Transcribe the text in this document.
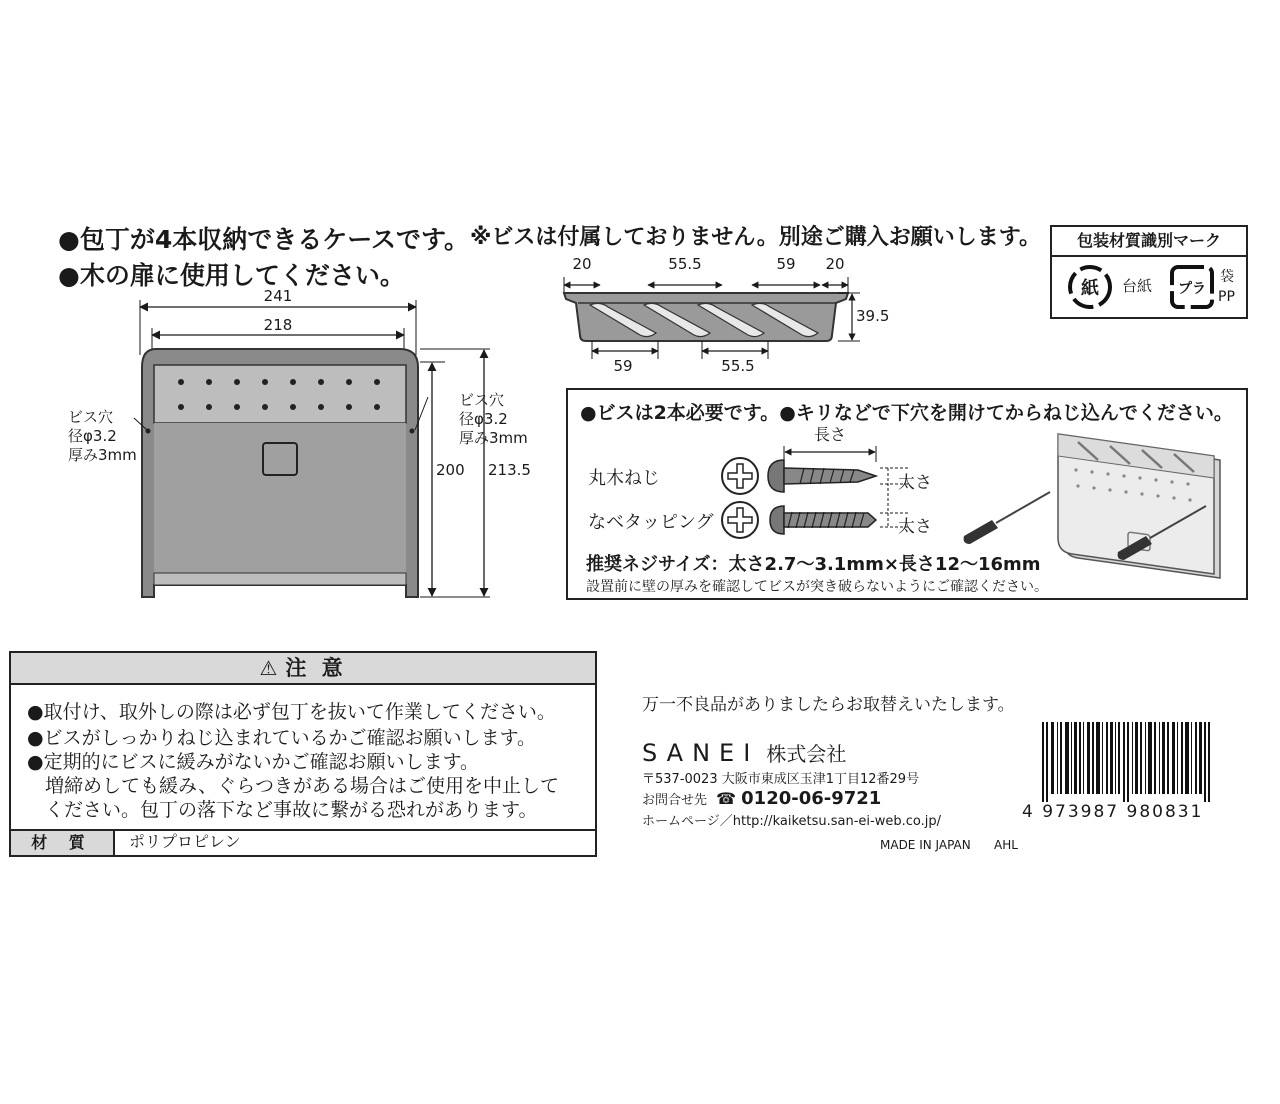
●包丁が4本収納できるケースです。 ※ビスは付属しておりません。別途ご購入お願いします。
●木の扉に使用してください。
241
218
200 213.5
ビス穴
径φ3.2
厚み3mm
ビス穴
径φ3.2
厚み3mm
20	55.5	59 20
39.5
59	55.5
包装材質識別マーク
紙 台紙 プラ
袋
PP
●ビスは2本必要です。●キリなどで下穴を開けてからねじ込んでください。
丸木ねじ
なベタッピング
長さ
太さ
太さ
推奨ネジサイズ：太さ2.7〜3.1mm×長さ12〜16mm
設置前に壁の厚みを確認してビスが突き破らないようにご確認ください。
⚠ 注 意
●取付け、取外しの際は必ず包丁を抜いて作業してください。
●ビスがしっかりねじ込まれているかご確認お願いします。
●定期的にビスに緩みがないかご確認お願いします。
増締めしても緩み、ぐらつきがある場合はご使用を中止して
ください。包丁の落下など事故に繋がる恐れがあります。
材 質	ポリプロピレン
万一不良品がありましたらお取替えいたします。
SANEI 株式会社
〒537-0023 大阪市東成区玉津1丁目12番29号
お問合せ先 ☎ 0120-06-9721
ホームページ／http://kaiketsu.san-ei-web.co.jp/
MADE IN JAPAN AHL
4 973987 980831
